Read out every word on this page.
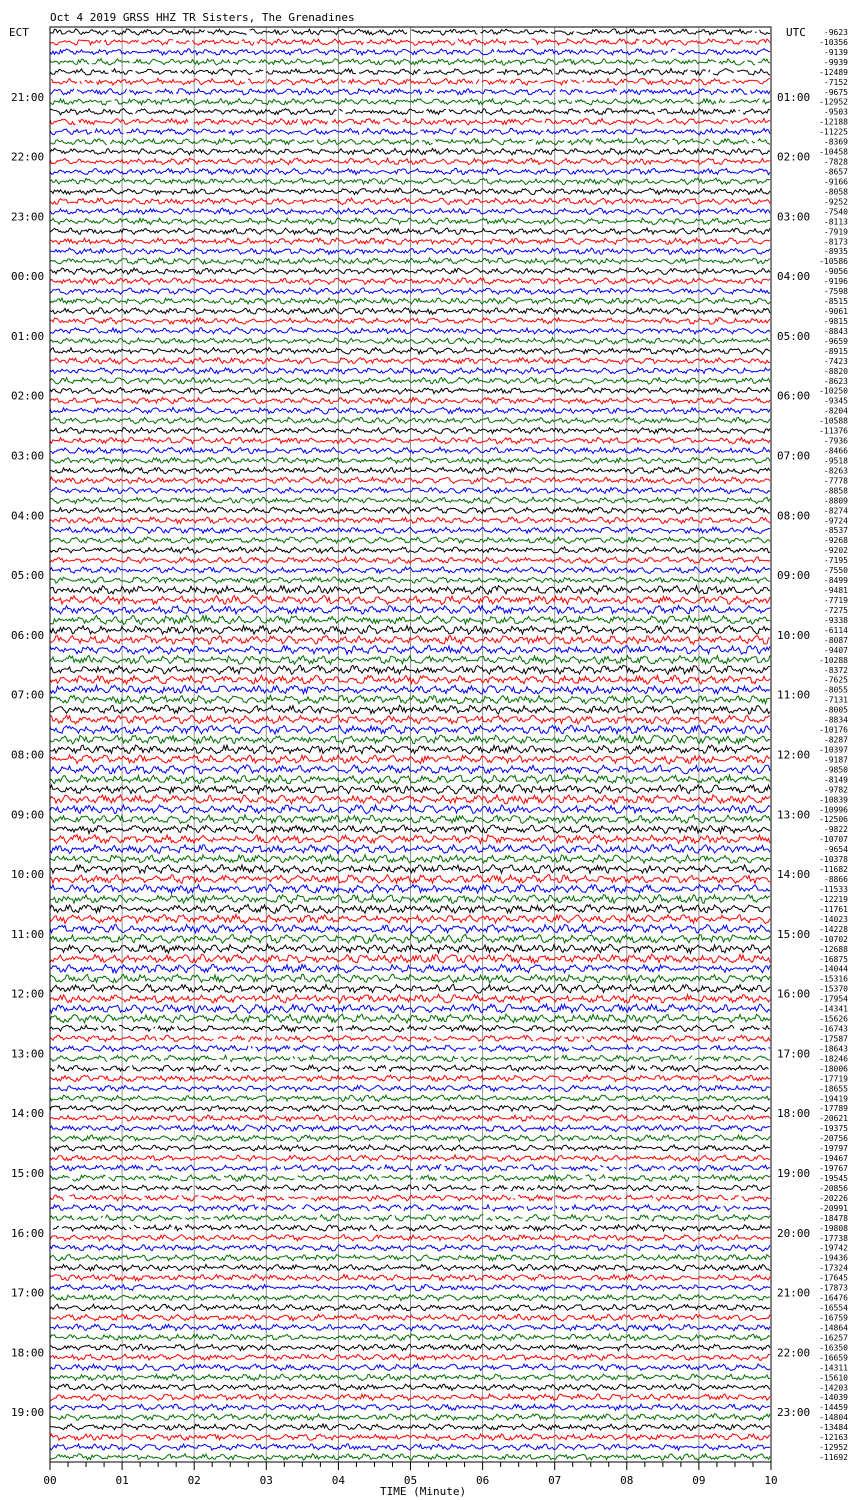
Oct 4 2019 GRSS HHZ TR Sisters, The Grenadines
ECT	UTC
00	01	02	03	04	05	06	07	08	09	10
21:00
22:00
23:00
00:00
01:00
02:00
03:00
04:00
05:00
06:00
07:00
08:00
09:00
10:00
11:00
12:00
13:00
14:00
15:00
16:00
17:00
18:00
19:00
01:00
02:00
03:00
04:00
05:00
06:00
07:00
08:00
09:00
10:00
11:00
12:00
13:00
14:00
15:00
16:00
17:00
18:00
19:00
20:00
21:00
22:00
23:00
-9623
-10356
-9139
-9939
-12489
-7152
-9675
-12952
-9503
-12188
-11225
-8369
-10458
-7828
-8657
-9166
-8058
-9252
-7540
-8113
-7919
-8173
-8935
-10586
-9056
-9196
-7598
-8515
-9061
-9815
-8843
-9659
-8915
-7423
-8820
-8623
-10250
-9345
-8204
-10588
-11376
-7936
-8466
-9518
-8263
-7778
-8858
-8809
-8274
-9724
-8537
-9268
-9202
-7195
-7550
-8499
-9481
-7719
-7275
-9338
-6114
-8087
-9407
-10288
-8372
-7625
-8055
-7131
-8005
-8834
-10176
-8287
-10397
-9187
-9850
-8149
-9782
-10839
-10996
-12506
-9822
-10707
-9654
-10378
-11682
-8866
-11533
-12219
-11761
-14023
-14228
-10702
-12688
-16875
-14044
-15316
-15370
-17954
-14341
-15626
-16743
-17587
-18643
-18246
-18006
-17719
-18655
-19419
-17789
-20621
-19375
-20756
-19797
-19467
-19767
-19545
-20856
-20226
-20991
-18478
-19808
-17738
-19742
-19436
-17324
-17645
-17873
-16476
-16554
-16759
-14864
-16257
-16350
-16659
-14311
-15610
-14203
-14039
-14459
-14804
-13484
-12163
-12952
-11692
TIME (Minute)
